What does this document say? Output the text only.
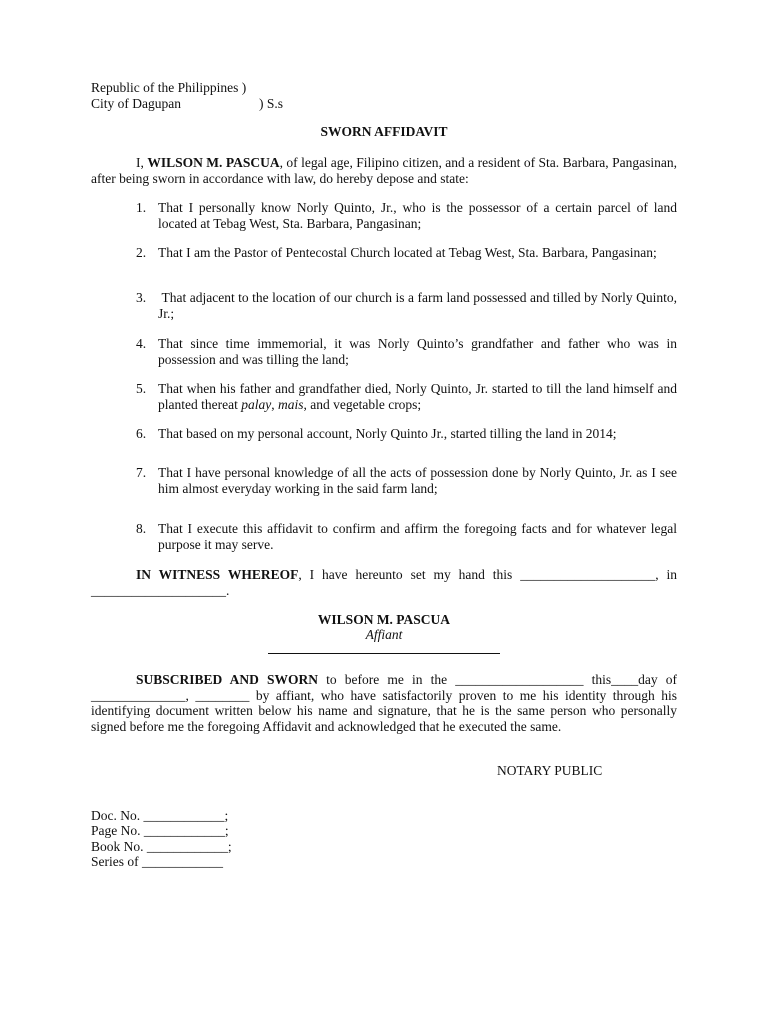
Republic of the Philippines )
City of Dagupan	) S.s
SWORN AFFIDAVIT
I, WILSON M. PASCUA, of legal age, Filipino citizen, and a resident of Sta. Barbara, Pangasinan, after being sworn in accordance with law, do hereby depose and state:
1. That I personally know Norly Quinto, Jr., who is the possessor of a certain parcel of land located at Tebag West, Sta. Barbara, Pangasinan;
2. That I am the Pastor of Pentecostal Church located at Tebag West, Sta. Barbara, Pangasinan;
3. That adjacent to the location of our church is a farm land possessed and tilled by Norly Quinto, Jr.;
4. That since time immemorial, it was Norly Quinto’s grandfather and father who was in possession and was tilling the land;
5. That when his father and grandfather died, Norly Quinto, Jr. started to till the land himself and planted thereat palay, mais, and vegetable crops;
6. That based on my personal account, Norly Quinto Jr., started tilling the land in 2014;
7. That I have personal knowledge of all the acts of possession done by Norly Quinto, Jr. as I see him almost everyday working in the said farm land;
8. That I execute this affidavit to confirm and affirm the foregoing facts and for whatever legal purpose it may serve.
IN WITNESS WHEREOF, I have hereunto set my hand this ____________________, in ____________________.
WILSON M. PASCUA
Affiant
SUBSCRIBED AND SWORN to before me in the ___________________ this____day of ______________, ________ by affiant, who have satisfactorily proven to me his identity through his identifying document written below his name and signature, that he is the same person who personally signed before me the foregoing Affidavit and acknowledged that he executed the same.
NOTARY PUBLIC
Doc. No. ____________;
Page No. ____________;
Book No. ____________;
Series of ____________
